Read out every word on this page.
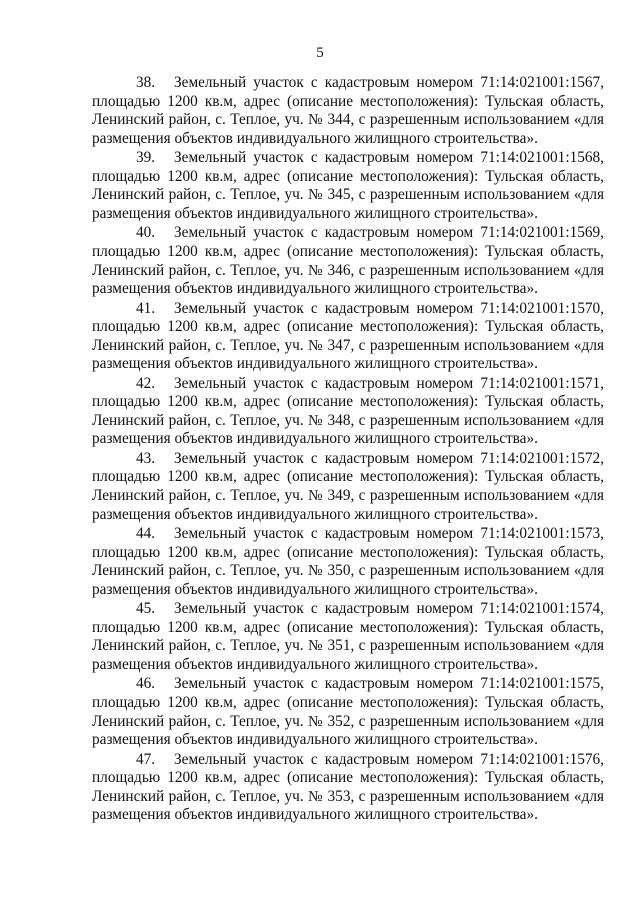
5
38. Земельный участок с кадастровым номером 71:14:021001:1567,
площадью 1200 кв.м, адрес (описание местоположения): Тульская область,
Ленинский район, с. Теплое, уч. № 344, с разрешенным использованием «для
размещения объектов индивидуального жилищного строительства».
39. Земельный участок с кадастровым номером 71:14:021001:1568,
площадью 1200 кв.м, адрес (описание местоположения): Тульская область,
Ленинский район, с. Теплое, уч. № 345, с разрешенным использованием «для
размещения объектов индивидуального жилищного строительства».
40. Земельный участок с кадастровым номером 71:14:021001:1569,
площадью 1200 кв.м, адрес (описание местоположения): Тульская область,
Ленинский район, с. Теплое, уч. № 346, с разрешенным использованием «для
размещения объектов индивидуального жилищного строительства».
41. Земельный участок с кадастровым номером 71:14:021001:1570,
площадью 1200 кв.м, адрес (описание местоположения): Тульская область,
Ленинский район, с. Теплое, уч. № 347, с разрешенным использованием «для
размещения объектов индивидуального жилищного строительства».
42. Земельный участок с кадастровым номером 71:14:021001:1571,
площадью 1200 кв.м, адрес (описание местоположения): Тульская область,
Ленинский район, с. Теплое, уч. № 348, с разрешенным использованием «для
размещения объектов индивидуального жилищного строительства».
43. Земельный участок с кадастровым номером 71:14:021001:1572,
площадью 1200 кв.м, адрес (описание местоположения): Тульская область,
Ленинский район, с. Теплое, уч. № 349, с разрешенным использованием «для
размещения объектов индивидуального жилищного строительства».
44. Земельный участок с кадастровым номером 71:14:021001:1573,
площадью 1200 кв.м, адрес (описание местоположения): Тульская область,
Ленинский район, с. Теплое, уч. № 350, с разрешенным использованием «для
размещения объектов индивидуального жилищного строительства».
45. Земельный участок с кадастровым номером 71:14:021001:1574,
площадью 1200 кв.м, адрес (описание местоположения): Тульская область,
Ленинский район, с. Теплое, уч. № 351, с разрешенным использованием «для
размещения объектов индивидуального жилищного строительства».
46. Земельный участок с кадастровым номером 71:14:021001:1575,
площадью 1200 кв.м, адрес (описание местоположения): Тульская область,
Ленинский район, с. Теплое, уч. № 352, с разрешенным использованием «для
размещения объектов индивидуального жилищного строительства».
47. Земельный участок с кадастровым номером 71:14:021001:1576,
площадью 1200 кв.м, адрес (описание местоположения): Тульская область,
Ленинский район, с. Теплое, уч. № 353, с разрешенным использованием «для
размещения объектов индивидуального жилищного строительства».
